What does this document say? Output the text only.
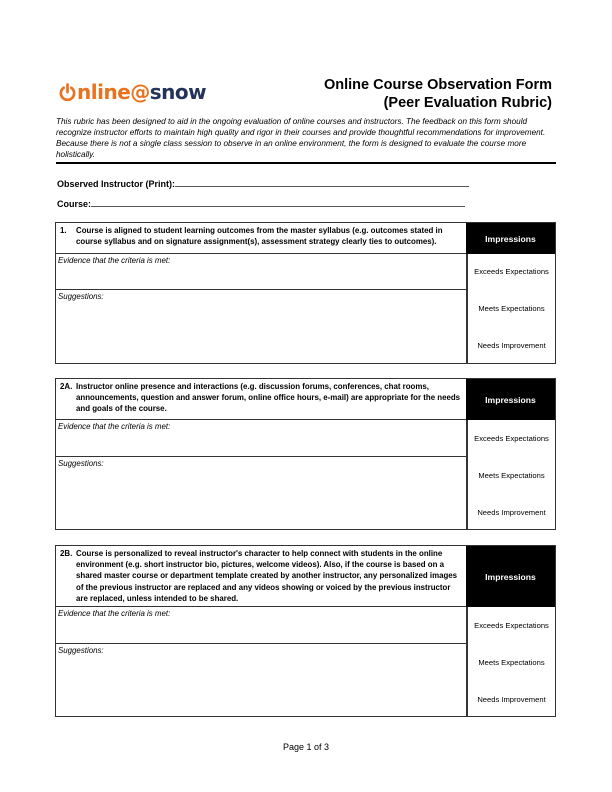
nline@ snow	Online Course Observation Form
(Peer Evaluation Rubric)
This rubric has been designed to aid in the ongoing evaluation of online courses and instructors. The feedback on this form should recognize instructor efforts to maintain high quality and rigor in their courses and provide thoughtful recommendations for improvement. Because there is not a single class session to observe in an online environment, the form is designed to evaluate the course more holistically.
Observed Instructor (Print):
Course:
1. Course is aligned to student learning outcomes from the master syllabus (e.g. outcomes stated in course syllabus and on signature assignment(s), assessment strategy clearly ties to outcomes).	Impressions
Evidence that the criteria is met:
Suggestions:
Exceeds Expectations
Meets Expectations
Needs Improvement
2A. Instructor online presence and interactions (e.g. discussion forums, conferences, chat rooms, announcements, question and answer forum, online office hours, e-mail) are appropriate for the needs and goals of the course.
Impressions
Evidence that the criteria is met:
Suggestions:
Exceeds Expectations
Meets Expectations
Needs Improvement
2B. Course is personalized to reveal instructor's character to help connect with students in the online environment (e.g. short instructor bio, pictures, welcome videos). Also, if the course is based on a shared master course or department template created by another instructor, any personalized images of the previous instructor are replaced and any videos showing or voiced by the previous instructor are replaced, unless intended to be shared.
Impressions
Evidence that the criteria is met:
Suggestions:
Exceeds Expectations
Meets Expectations
Needs Improvement
Page 1 of 3
